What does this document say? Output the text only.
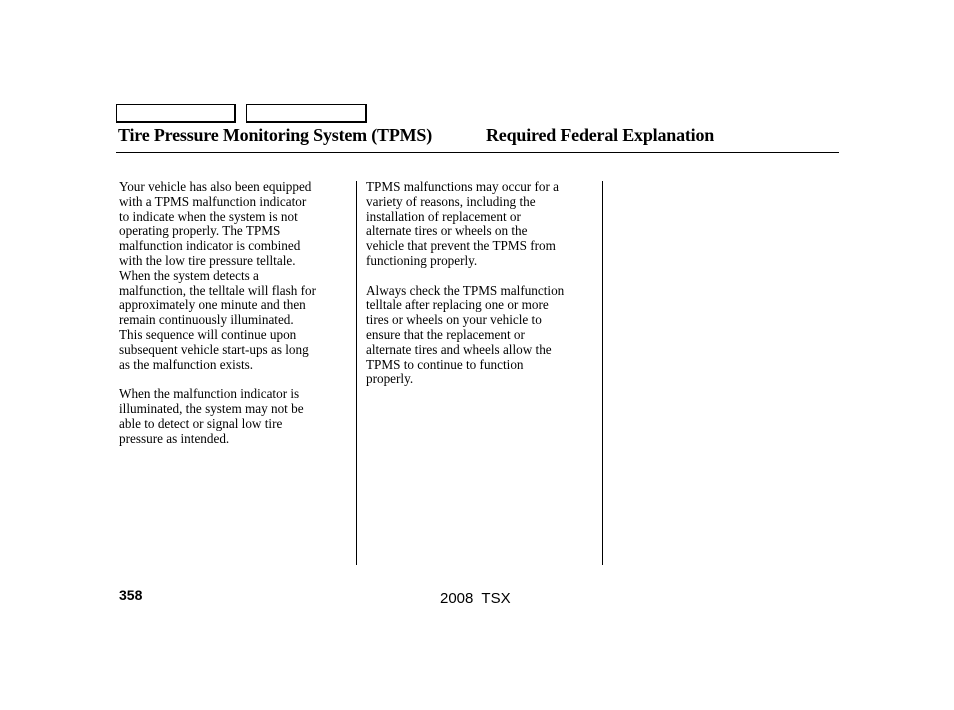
Tire Pressure Monitoring System (TPMS)	Required Federal Explanation

Your vehicle has also been equipped
with a TPMS malfunction indicator
to indicate when the system is not
operating properly. The TPMS
malfunction indicator is combined
with the low tire pressure telltale.
When the system detects a
malfunction, the telltale will flash for
approximately one minute and then
remain continuously illuminated.
This sequence will continue upon
subsequent vehicle start-ups as long
as the malfunction exists.

When the malfunction indicator is
illuminated, the system may not be
able to detect or signal low tire
pressure as intended.

TPMS malfunctions may occur for a
variety of reasons, including the
installation of replacement or
alternate tires or wheels on the
vehicle that prevent the TPMS from
functioning properly.

Always check the TPMS malfunction
telltale after replacing one or more
tires or wheels on your vehicle to
ensure that the replacement or
alternate tires and wheels allow the
TPMS to continue to function
properly.

358	2008  TSX
